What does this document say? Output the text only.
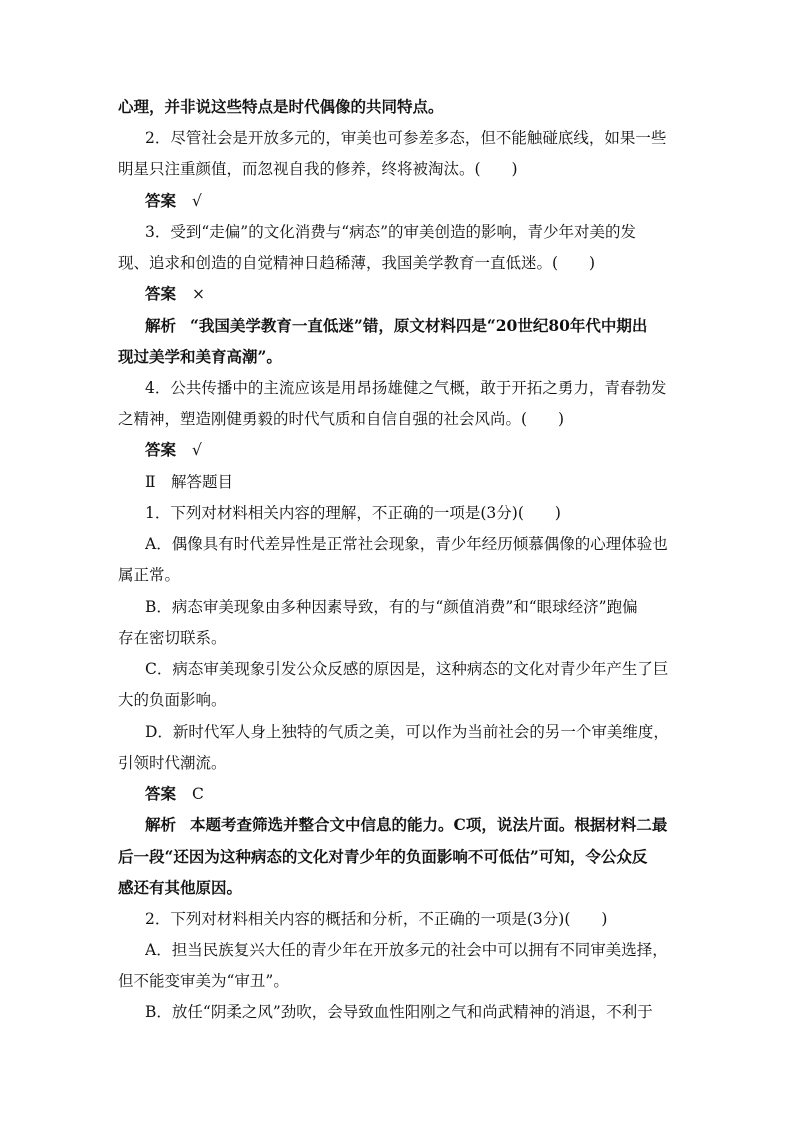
心理，并非说这些特点是时代偶像的共同特点。
2．尽管社会是开放多元的，审美也可参差多态，但不能触碰底线，如果一些
明星只注重颜值，而忽视自我的修养，终将被淘汰。(　　)
答案 √
3．受到“走偏”的文化消费与“病态”的审美创造的影响，青少年对美的发
现、追求和创造的自觉精神日趋稀薄，我国美学教育一直低迷。(　　)
答案 ×
解析 “我国美学教育一直低迷”错，原文材料四是“20世纪80年代中期出
现过美学和美育高潮”。
4．公共传播中的主流应该是用昂扬雄健之气概，敢于开拓之勇力，青春勃发
之精神，塑造刚健勇毅的时代气质和自信自强的社会风尚。(　　)
答案 √
Ⅱ　解答题目
1．下列对材料相关内容的理解，不正确的一项是(3分)(　　)
A．偶像具有时代差异性是正常社会现象，青少年经历倾慕偶像的心理体验也
属正常。
B．病态审美现象由多种因素导致，有的与“颜值消费”和“眼球经济”跑偏
存在密切联系。
C．病态审美现象引发公众反感的原因是，这种病态的文化对青少年产生了巨
大的负面影响。
D．新时代军人身上独特的气质之美，可以作为当前社会的另一个审美维度，
引领时代潮流。
答案 C
解析 本题考查筛选并整合文中信息的能力。C项，说法片面。根据材料二最
后一段“还因为这种病态的文化对青少年的负面影响不可低估”可知，令公众反
感还有其他原因。
2．下列对材料相关内容的概括和分析，不正确的一项是(3分)(　　)
A．担当民族复兴大任的青少年在开放多元的社会中可以拥有不同审美选择，
但不能变审美为“审丑”。
B．放任“阴柔之风”劲吹，会导致血性阳刚之气和尚武精神的消退，不利于
